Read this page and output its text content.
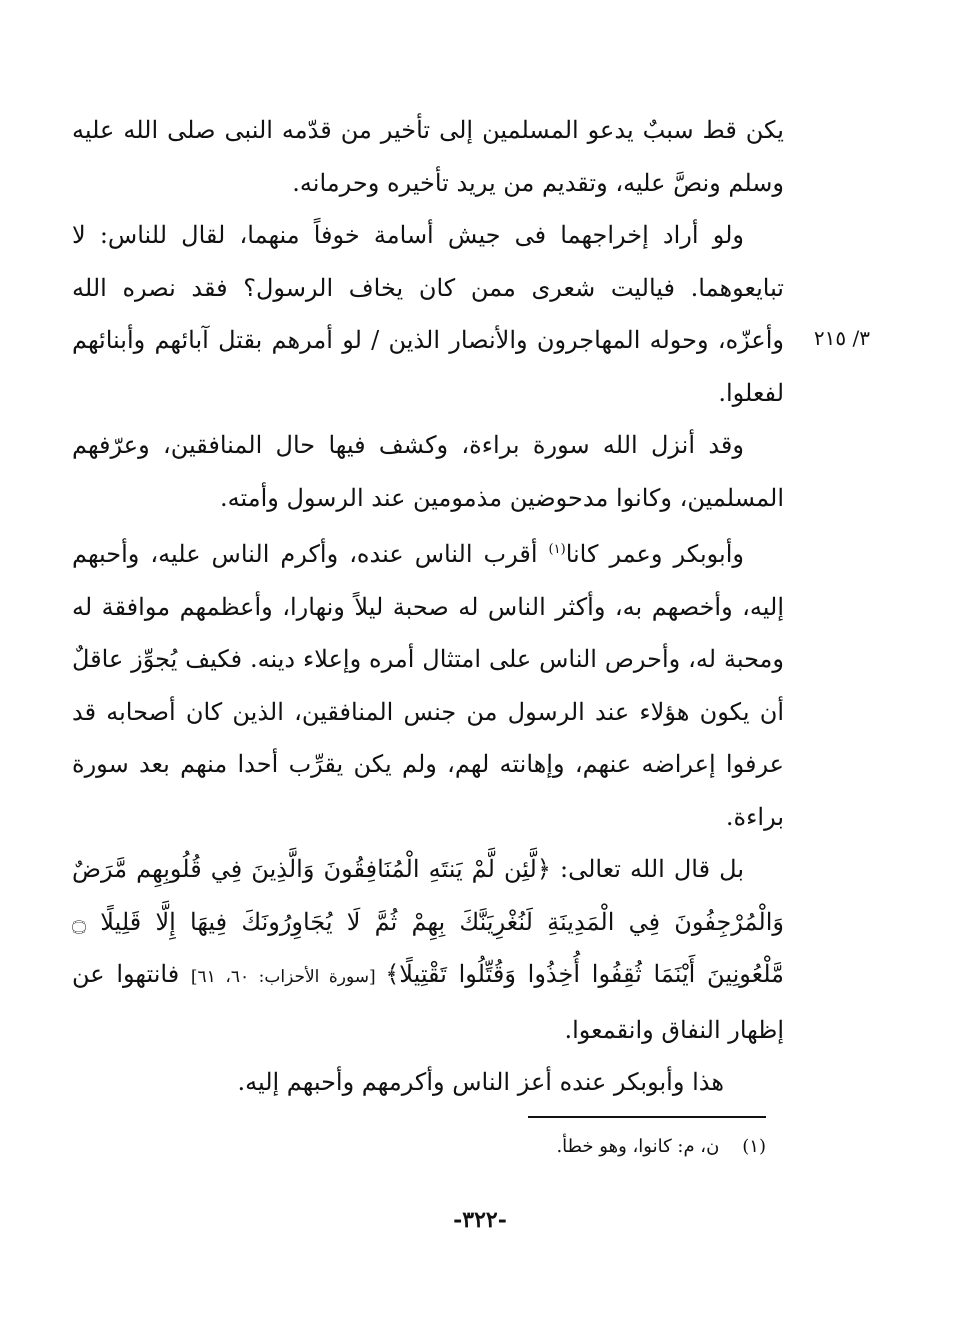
٣/ ٢١٥

يكن قط سببٌ يدعو المسلمين إلى تأخير من قدّمه النبى صلى الله عليه وسلم ونصَّ عليه، وتقديم من يريد تأخيره وحرمانه.

ولو أراد إخراجهما فى جيش أسامة خوفاً منهما، لقال للناس: لا تبايعوهما. فياليت شعرى ممن كان يخاف الرسول؟ فقد نصره الله وأعزّه، وحوله المهاجرون والأنصار الذين / لو أمرهم بقتل آبائهم وأبنائهم لفعلوا.

وقد أنزل الله سورة براءة، وكشف فيها حال المنافقين، وعرّفهم المسلمين، وكانوا مدحوضين مذمومين عند الرسول وأمته.

وأبوبكر وعمر كانا$^{(١)}$ أقرب الناس عنده، وأكرم الناس عليه، وأحبهم إليه، وأخصهم به، وأكثر الناس له صحبة ليلاً ونهارا، وأعظمهم موافقة له ومحبة له، وأحرص الناس على امتثال أمره وإعلاء دينه. فكيف يُجوِّز عاقلٌ أن يكون هؤلاء عند الرسول من جنس المنافقين، الذين كان أصحابه قد عرفوا إعراضه عنهم، وإهانته لهم، ولم يكن يقرِّب أحدا منهم بعد سورة براءة.

بل قال الله تعالى: ﴿لَّئِن لَّمْ يَنتَهِ الْمُنَافِقُونَ وَالَّذِينَ فِي قُلُوبِهِم مَّرَضٌ وَالْمُرْجِفُونَ فِي الْمَدِينَةِ لَنُغْرِيَنَّكَ بِهِمْ ثُمَّ لَا يُجَاوِرُونَكَ فِيهَا إِلَّا قَلِيلًا ۝ مَّلْعُونِينَ أَيْنَمَا ثُقِفُوا أُخِذُوا وَقُتِّلُوا تَقْتِيلًا﴾ [سورة الأحزاب: ٦٠، ٦١] فانتهوا عن إظهار النفاق وانقمعوا.

هذا وأبوبكر عنده أعز الناس وأكرمهم وأحبهم إليه.

(١)    ن، م: كانوا، وهو خطأ.
-٣٢٢-
